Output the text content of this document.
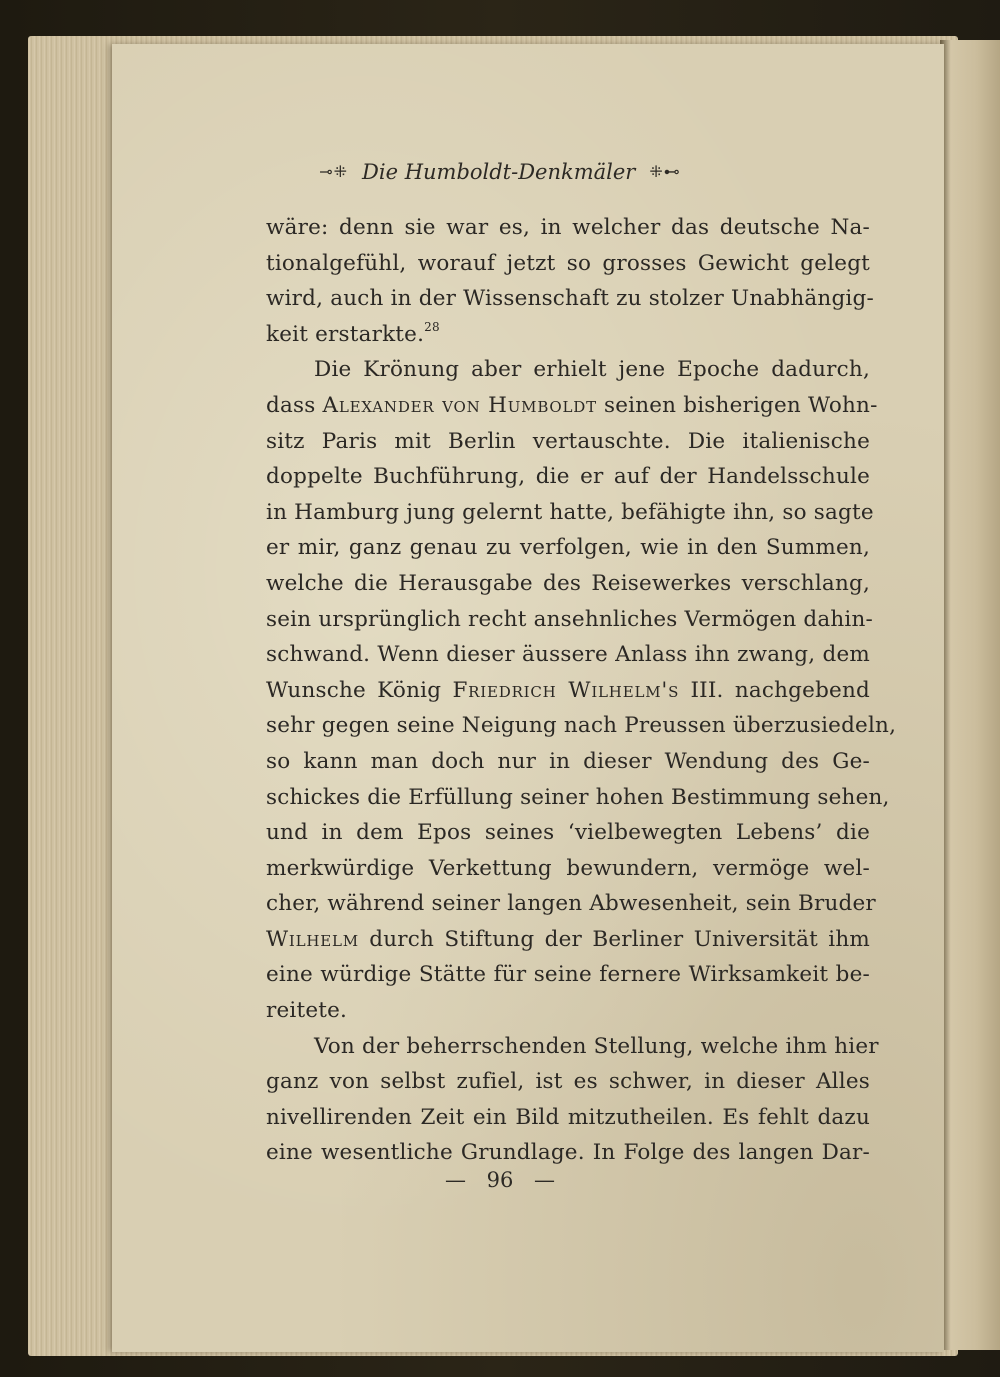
⊸⁜ Die Humboldt-Denkmäler ⁜⊷
wäre: denn sie war es, in welcher das deutsche Na-
tionalgefühl, worauf jetzt so grosses Gewicht gelegt
wird, auch in der Wissenschaft zu stolzer Unabhängig-
keit erstarkte.$^{28}$
Die Krönung aber erhielt jene Epoche dadurch,
dass Alexander von Humboldt seinen bisherigen Wohn-
sitz Paris mit Berlin vertauschte. Die italienische
doppelte Buchführung, die er auf der Handelsschule
in Hamburg jung gelernt hatte, befähigte ihn, so sagte
er mir, ganz genau zu verfolgen, wie in den Summen,
welche die Herausgabe des Reisewerkes verschlang,
sein ursprünglich recht ansehnliches Vermögen dahin-
schwand. Wenn dieser äussere Anlass ihn zwang, dem
Wunsche König Friedrich Wilhelm's III. nachgebend
sehr gegen seine Neigung nach Preussen überzusiedeln,
so kann man doch nur in dieser Wendung des Ge-
schickes die Erfüllung seiner hohen Bestimmung sehen,
und in dem Epos seines ‘vielbewegten Lebens’ die
merkwürdige Verkettung bewundern, vermöge wel-
cher, während seiner langen Abwesenheit, sein Bruder
Wilhelm durch Stiftung der Berliner Universität ihm
eine würdige Stätte für seine fernere Wirksamkeit be-
reitete.
Von der beherrschenden Stellung, welche ihm hier
ganz von selbst zufiel, ist es schwer, in dieser Alles
nivellirenden Zeit ein Bild mitzutheilen. Es fehlt dazu
eine wesentliche Grundlage. In Folge des langen Dar-
— 96 —
